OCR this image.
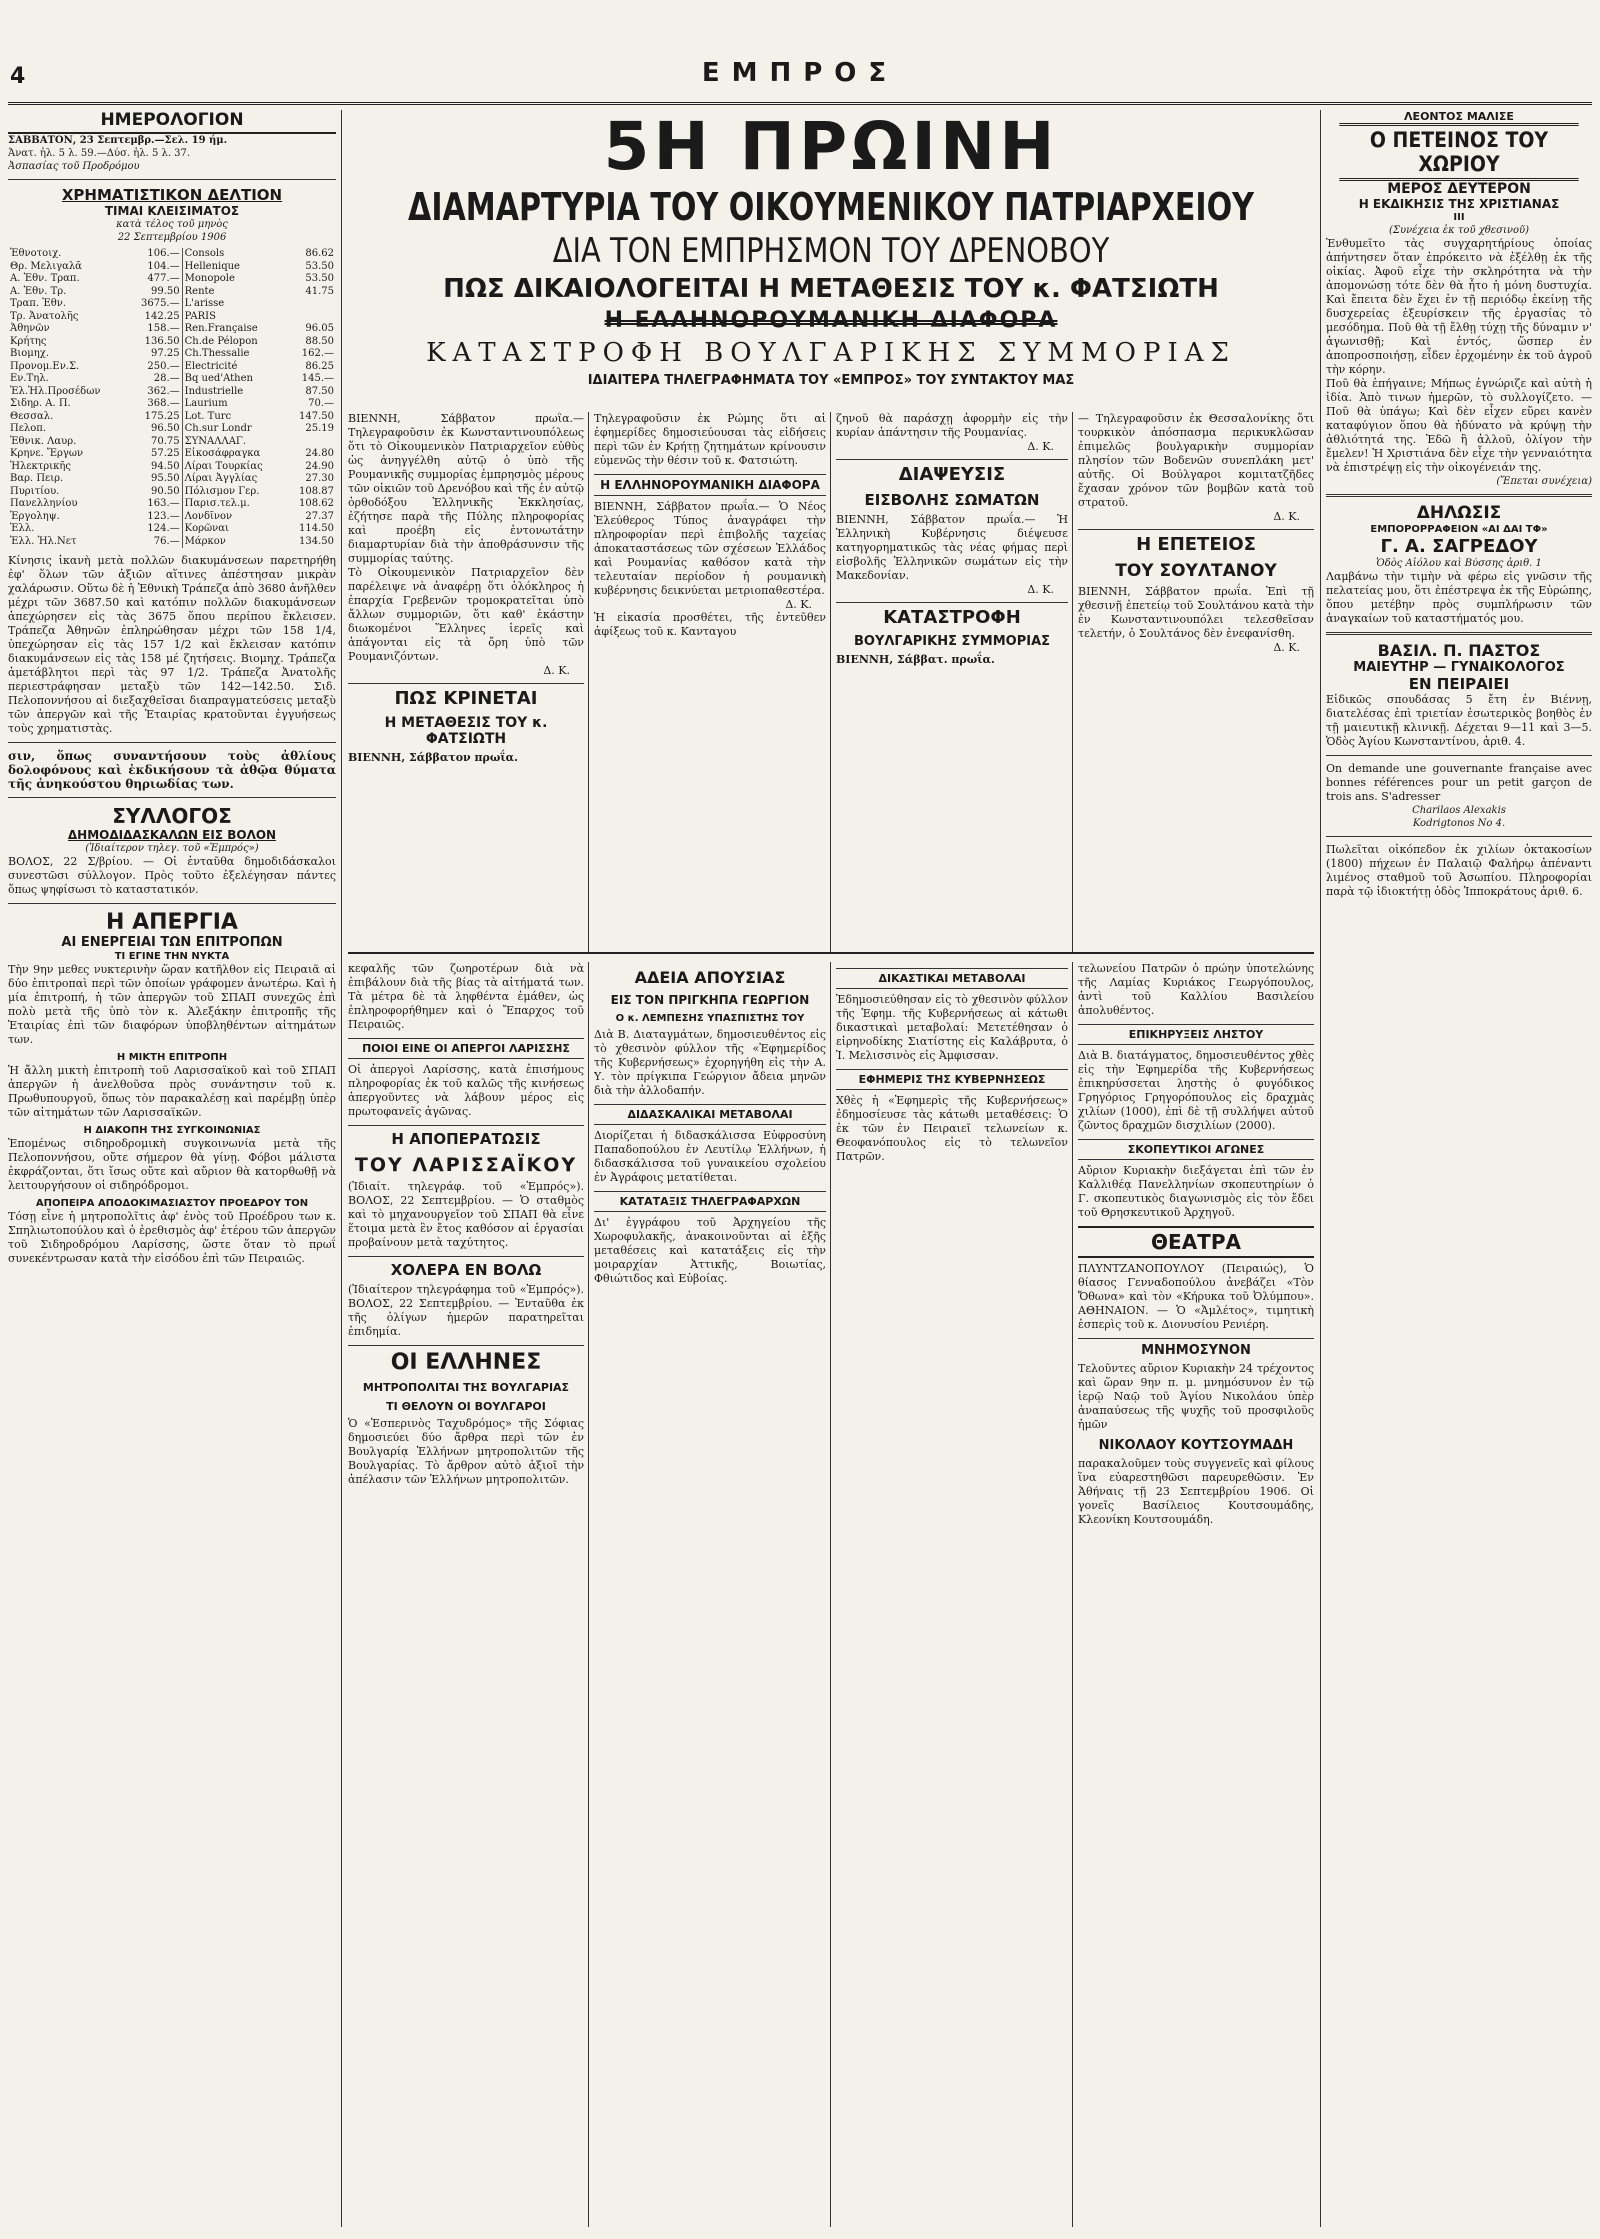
4	ΕΜΠΡΟΣ
ΗΜΕΡΟΛΟΓΙΟΝ
ΣΑΒΒΑΤΟΝ, 23 Σεπτεμβρ.—Σελ. 19 ήμ.
Ἀνατ. ἡλ. 5 λ. 59.—Δύσ. ἡλ. 5 λ. 37.
Ἀσπασίας τοῦ Προδρόμου
ΧΡΗΜΑΤΙΣΤΙΚΟΝ ΔΕΛΤΙΟΝ
ΤΙΜΑΙ ΚΛΕΙΣΙΜΑΤΟΣ
κατὰ τέλος τοῦ μηνὸς
22 Σεπτεμβρίου 1906
Ἐθνοτοιχ.	106.—	Consols	86.62
Θρ. Μελιγαλᾶ	104.—	Hellenique	53.50
Α. Ἐθν. Τραπ.	477.—	Monopole	53.50
Α. Ἐθν. Τρ.	99.50	Rente	41.75
Τραπ. Ἐθν.	3675.—	L'arisse	
Τρ. Ἀνατολῆς	142.25	PARIS	
Ἀθηνῶν	158.—	Ren.Française	96.05
Κρήτης	136.50	Ch.de Pélopon	88.50
Βιομηχ.	97.25	Ch.Thessalie	162.—
Προνομ.Εν.Σ.	250.—	Electricité	86.25
Εν.Τηλ.	28.—	Bq ued'Athen	145.—
Ἐλ.Ἠλ.Προσέδων	362.—	Industrielle	87.50
Σιδηρ. Α. Π.	368.—	Laurium	70.—
Θεσσαλ.	175.25	Lot. Turc	147.50
Πελοπ.	96.50	Ch.sur Londr	25.19
Ἐθνικ. Λαυρ.	70.75	ΣΥΝΑΛΛΑΓ.	
Κρηνε. Ἔργων	57.25	Εἰκοσάφραγκα	24.80
Ἠλεκτρικῆς	94.50	Λίραι Τουρκίας	24.90
Βαρ. Πειρ.	95.50	Λίραι Ἀγγλίας	27.30
Πυριτίου.	90.50	Πόλισμον Γερ.	108.87
Πανελληνίου	163.—	Παρισ.τελ.μ.	108.62
Ἐργοληψ.	123.—	Λονδῖνον	27.37
Ἐλλ.	124.—	Κορῶναι	114.50
Ἐλλ. Ἠλ.Νετ	76.—	Μάρκον	134.50
Κίνησις ἱκανὴ μετὰ πολλῶν διακυμάνσεων παρετηρήθη ἐφ' ὅλων τῶν ἀξιῶν αἵτινες ἀπέστησαν μικρὰν χαλάρωσιν. Οὕτω δὲ ἡ Ἐθνικὴ Τράπεζα ἀπὸ 3680 ἀνῆλθεν μέχρι τῶν 3687.50 καὶ κατόπιν πολλῶν διακυμάνσεων ἀπεχώρησεν εἰς τὰς 3675 ὅπου περίπου ἔκλεισεν. Τράπεζα Ἀθηνῶν ἐπληρώθησαν μέχρι τῶν 158 1/4, ὑπεχώρησαν εἰς τὰς 157 1/2 καὶ ἔκλεισαν κατόπιν διακυμάνσεων εἰς τὰς 158 μέ ζητήσεις. Βιομηχ. Τράπεζα ἀμετάβλητοι περὶ τὰς 97 1/2. Τράπεζα Ἀνατολῆς περιεστράφησαν μεταξὺ τῶν 142—142.50. Σιδ. Πελοποννήσου αἱ διεξαχθεῖσαι διαπραγματεύσεις μεταξὺ τῶν ἀπεργῶν καὶ τῆς Ἑταιρίας κρατοῦνται ἐγγυήσεως τοὺς χρηματιστὰς.
σιν, ὅπως συναντήσουν τοὺς ἀθλίους δολοφόνους καὶ ἐκδικήσουν τὰ ἀθῷα θύματα τῆς ἀνηκούστου θηριωδίας των.
ΣΥΛΛΟΓΟΣ
ΔΗΜΟΔΙΔΑΣΚΑΛΩΝ ΕΙΣ ΒΟΛΟΝ
(Ἰδιαίτερον τηλεγ. τοῦ «Ἐμπρός»)
ΒΟΛΟΣ, 22 Σ/βρίου. — Οἱ ἐνταῦθα δημοδιδάσκαλοι συνεστῶσι σύλλογον. Πρὸς τοῦτο ἐξελέγησαν πάντες ὅπως ψηφίσωσι τὸ καταστατικόν.
Η ΑΠΕΡΓΙΑ
ΑΙ ΕΝΕΡΓΕΙΑΙ ΤΩΝ ΕΠΙΤΡΟΠΩΝ
ΤΙ ΕΓΙΝΕ ΤΗΝ ΝΥΚΤΑ
Τὴν 9ην μεθες νυκτερινὴν ὥραν κατῆλθον εἰς Πειραιᾶ αἱ δύο ἐπιτροπαὶ περὶ τῶν ὁποίων γράφομεν ἀνωτέρω. Καὶ ἡ μία ἐπιτροπή, ἡ τῶν ἀπεργῶν τοῦ ΣΠΑΠ συνεχῶς ἐπὶ πολὺ μετὰ τῆς ὑπὸ τὸν κ. Ἀλεξάκην ἐπιτροπῆς τῆς Ἑταιρίας ἐπὶ τῶν διαφόρων ὑποβληθέντων αἰτημάτων των.
Η ΜΙΚΤΗ ΕΠΙΤΡΟΠΗ
Ἡ ἄλλη μικτὴ ἐπιτροπὴ τοῦ Λαρισσαϊκοῦ καὶ τοῦ ΣΠΑΠ ἀπεργῶν ἡ ἀνελθοῦσα πρὸς συνάντησιν τοῦ κ. Πρωθυπουργοῦ, ὅπως τὸν παρακαλέσῃ καὶ παρέμβῃ ὑπὲρ τῶν αἰτημάτων τῶν Λαρισσαϊκῶν.
Η ΔΙΑΚΟΠΗ ΤΗΣ ΣΥΓΚΟΙΝΩΝΙΑΣ
Ἐπομένως σιδηροδρομικὴ συγκοινωνία μετὰ τῆς Πελοποννήσου, οὔτε σήμερον θὰ γίνῃ. Φόβοι μάλιστα ἐκφράζονται, ὅτι ἴσως οὔτε καὶ αὔριον θὰ κατορθωθῇ νὰ λειτουργήσουν οἱ σιδηρόδρομοι.
ΑΠΟΠΕΙΡΑ ΑΠΟΔΟΚΙΜΑΣΙΑΣΤΟΥ ΠΡΟΕΔΡΟΥ ΤΟΝ
Τόσῃ εἶνε ἡ μητροπολῖτις ἀφ' ἑνὸς τοῦ Προέδρου των κ. Σπηλιωτοπούλου καὶ ὁ ἐρεθισμὸς ἀφ' ἑτέρου τῶν ἀπεργῶν τοῦ Σιδηροδρόμου Λαρίσσης, ὥστε ὅταν τὸ πρωΐ συνεκέντρωσαν κατὰ τὴν εἰσόδου ἐπὶ τῶν Πειραιῶς.
5Η ΠΡΩΙΝΗ
ΔΙΑΜΑΡΤΥΡΙΑ ΤΟΥ ΟΙΚΟΥΜΕΝΙΚΟΥ ΠΑΤΡΙΑΡΧΕΙΟΥ
ΔΙΑ ΤΟΝ ΕΜΠΡΗΣΜΟΝ ΤΟΥ ΔΡΕΝΟΒΟΥ
ΠΩΣ ΔΙΚΑΙΟΛΟΓΕΙΤΑΙ Η ΜΕΤΑΘΕΣΙΣ ΤΟΥ κ. ΦΑΤΣΙΩΤΗ
Η ΕΛΛΗΝΟΡΟΥΜΑΝΙΚΗ ΔΙΑΦΟΡΑ
ΚΑΤΑΣΤΡΟΦΗ ΒΟΥΛΓΑΡΙΚΗΣ ΣΥΜΜΟΡΙΑΣ
ΙΔΙΑΙΤΕΡΑ ΤΗΛΕΓΡΑΦΗΜΑΤΑ ΤΟΥ «ΕΜΠΡΟΣ» ΤΟΥ ΣΥΝΤΑΚΤΟΥ ΜΑΣ
ΒΙΕΝΝΗ, Σάββατον πρωΐα.— Τηλεγραφοῦσιν ἐκ Κωνσταντινουπόλεως ὅτι τὸ Οἰκουμενικὸν Πατριαρχεῖον εὐθὺς ὡς ἀνηγγέλθη αὐτῷ ὁ ὑπὸ τῆς Ρουμανικῆς συμμορίας ἐμπρησμὸς μέρους τῶν οἰκιῶν τοῦ Δρενόβου καὶ τῆς ἐν αὐτῷ ὀρθοδόξου Ἑλληνικῆς Ἐκκλησίας, ἐζήτησε παρὰ τῆς Πύλης πληροφορίας καὶ προέβη εἰς ἐντονωτάτην διαμαρτυρίαν διὰ τὴν ἀποθράσυνσιν τῆς συμμορίας ταύτης.
Τὸ Οἰκουμενικὸν Πατριαρχεῖον δὲν παρέλειψε νὰ ἀναφέρῃ ὅτι ὁλόκληρος ἡ ἐπαρχία Γρεβενῶν τρομοκρατεῖται ὑπὸ ἄλλων συμμοριῶν, ὅτι καθ' ἑκάστην διωκομένοι Ἕλληνες ἱερεῖς καὶ ἀπάγονται εἰς τὰ ὄρη ὑπὸ τῶν Ρουμανιζόντων.
Δ. Κ.
ΠΩΣ ΚΡΙΝΕΤΑΙ
Η ΜΕΤΑΘΕΣΙΣ ΤΟΥ κ. ΦΑΤΣΙΩΤΗ
ΒΙΕΝΝΗ, Σάββατον πρωΐα.
Τηλεγραφοῦσιν ἐκ Ρώμης ὅτι αἱ ἐφημερίδες δημοσιεύουσαι τὰς εἰδήσεις περὶ τῶν ἐν Κρήτῃ ζητημάτων κρίνουσιν εὐμενῶς τὴν θέσιν τοῦ κ. Φατσιώτη.
Η ΕΛΛΗΝΟΡΟΥΜΑΝΙΚΗ ΔΙΑΦΟΡΑ
ΒΙΕΝΝΗ, Σάββατον πρωΐα.— Ὁ Νέος Ἐλεύθερος Τύπος ἀναγράφει τὴν πληροφορίαν περὶ ἐπιβολῆς ταχείας ἀποκαταστάσεως τῶν σχέσεων Ἑλλάδος καὶ Ρουμανίας καθόσον κατὰ τὴν τελευταίαν περίοδον ἡ ρουμανικὴ κυβέρνησις δεικνύεται μετριοπαθεστέρα.
Δ. Κ.
Ἡ εἰκασία προσθέτει, τῆς ἐντεῦθεν ἀφίξεως τοῦ κ. Κανταγου
ζηνοῦ θὰ παράσχῃ ἀφορμὴν εἰς τὴν κυρίαν ἀπάντησιν τῆς Ρουμανίας.
Δ. Κ.
ΔΙΑΨΕΥΣΙΣ
ΕΙΣΒΟΛΗΣ ΣΩΜΑΤΩΝ
ΒΙΕΝΝΗ, Σάββατον πρωΐα.— Ἡ Ἑλληνικὴ Κυβέρνησις διέψευσε κατηγορηματικῶς τὰς νέας φήμας περὶ εἰσβολῆς Ἑλληνικῶν σωμάτων εἰς τὴν Μακεδονίαν.
Δ. Κ.
ΚΑΤΑΣΤΡΟΦΗ
ΒΟΥΛΓΑΡΙΚΗΣ ΣΥΜΜΟΡΙΑΣ
ΒΙΕΝΝΗ, Σάββατ. πρωΐα.
— Τηλεγραφοῦσιν ἐκ Θεσσαλονίκης ὅτι τουρκικὸν ἀπόσπασμα περικυκλῶσαν ἐπιμελῶς βουλγαρικὴν συμμορίαν πλησίον τῶν Βοδενῶν συνεπλάκη μετ' αὐτῆς. Οἱ Βούλγαροι κομιτατζῆδες ἔχασαν χρόνον τῶν βομβῶν κατὰ τοῦ στρατοῦ.
Δ. Κ.
Η ΕΠΕΤΕΙΟΣ
ΤΟΥ ΣΟΥΛΤΑΝΟΥ
ΒΙΕΝΝΗ, Σάββατον πρωΐα. Ἐπὶ τῇ χθεσινῇ ἐπετείῳ τοῦ Σουλτάνου κατὰ τὴν ἐν Κωνσταντινουπόλει τελεσθεῖσαν τελετήν, ὁ Σουλτάνος δὲν ἐνεφανίσθη.
Δ. Κ.
κεφαλῆς τῶν ζωηροτέρων διὰ νὰ ἐπιβάλουν διὰ τῆς βίας τὰ αἰτήματά των. Τὰ μέτρα δὲ τὰ ληφθέντα ἐμάθεν, ὡς ἐπληροφορήθημεν καὶ ὁ Ἔπαρχος τοῦ Πειραιῶς.
ΠΟΙΟΙ ΕΙΝΕ ΟΙ ΑΠΕΡΓΟΙ ΛΑΡΙΣΣΗΣ
Οἱ ἀπεργοὶ Λαρίσσης, κατὰ ἐπισήμους πληροφορίας ἐκ τοῦ καλῶς τῆς κινήσεως ἀπεργοῦντες νὰ λάβουν μέρος εἰς πρωτοφανεῖς ἀγῶνας.
Η ΑΠΟΠΕΡΑΤΩΣΙΣ
ΤΟΥ ΛΑΡΙΣΣΑΪΚΟΥ
(Ἰδιαίτ. τηλεγράφ. τοῦ «Ἐμπρός»). ΒΟΛΟΣ, 22 Σεπτεμβρίου. — Ὁ σταθμὸς καὶ τὸ μηχανουργεῖον τοῦ ΣΠΑΠ θὰ εἶνε ἕτοιμα μετὰ ἓν ἔτος καθόσον αἱ ἐργασίαι προβαίνουν μετὰ ταχύτητος.
ΧΟΛΕΡΑ ΕΝ ΒΟΛΩ
(Ἰδιαίτερον τηλεγράφημα τοῦ «Ἐμπρός»). ΒΟΛΟΣ, 22 Σεπτεμβρίου. — Ἐνταῦθα ἐκ τῆς ὀλίγων ἡμερῶν παρατηρεῖται ἐπιδημία.
ΟΙ ΕΛΛΗΝΕΣ
ΜΗΤΡΟΠΟΛΙΤΑΙ ΤΗΣ ΒΟΥΛΓΑΡΙΑΣ
ΤΙ ΘΕΛΟΥΝ ΟΙ ΒΟΥΛΓΑΡΟΙ
Ὁ «Ἑσπερινὸς Ταχυδρόμος» τῆς Σόφιας δημοσιεύει δύο ἄρθρα περὶ τῶν ἐν Βουλγαρίᾳ Ἑλλήνων μητροπολιτῶν τῆς Βουλγαρίας. Τὸ ἄρθρον αὐτὸ ἀξιοῖ τὴν ἀπέλασιν τῶν Ἑλλήνων μητροπολιτῶν.
ΑΔΕΙΑ ΑΠΟΥΣΙΑΣ
ΕΙΣ ΤΟΝ ΠΡΙΓΚΗΠΑ ΓΕΩΡΓΙΟΝ
Ο κ. ΛΕΜΠΕΣΗΣ ΥΠΑΣΠΙΣΤΗΣ ΤΟΥ
Διὰ Β. Διαταγμάτων, δημοσιευθέντος εἰς τὸ χθεσινὸν φύλλον τῆς «Ἐφημερίδος τῆς Κυβερνήσεως» ἐχορηγήθη εἰς τὴν Α. Υ. τὸν πρίγκιπα Γεώργιον ἄδεια μηνῶν διὰ τὴν ἀλλοδαπήν.
ΔΙΔΑΣΚΑΛΙΚΑΙ ΜΕΤΑΒΟΛΑΙ
Διορίζεται ἡ διδασκάλισσα Εὐφροσύνη Παπαδοπούλου ἐν Λευτίλῳ Ἑλλήνων, ἡ διδασκάλισσα τοῦ γυναικείου σχολείου ἐν Ἀγράφοις μετατίθεται.
ΚΑΤΑΤΑΞΙΣ ΤΗΛΕΓΡΑΦΑΡΧΩΝ
Δι' ἐγγράφου τοῦ Ἀρχηγείου τῆς Χωροφυλακῆς, ἀνακοινοῦνται αἱ ἑξῆς μεταθέσεις καὶ κατατάξεις εἰς τὴν μοιραρχίαν Ἀττικῆς, Βοιωτίας, Φθιώτιδος καὶ Εὐβοίας.
ΔΙΚΑΣΤΙΚΑΙ ΜΕΤΑΒΟΛΑΙ
Ἐδημοσιεύθησαν εἰς τὸ χθεσινὸν φύλλον τῆς Ἐφημ. τῆς Κυβερνήσεως αἱ κάτωθι δικαστικαὶ μεταβολαί: Μετετέθησαν ὁ εἰρηνοδίκης Σιατίστης εἰς Καλάβρυτα, ὁ Ἰ. Μελισσινὸς εἰς Ἀμφισσαν.
ΕΦΗΜΕΡΙΣ ΤΗΣ ΚΥΒΕΡΝΗΣΕΩΣ
Χθὲς ἡ «Ἐφημερὶς τῆς Κυβερνήσεως» ἐδημοσίευσε τὰς κάτωθι μεταθέσεις: Ὁ ἐκ τῶν ἐν Πειραιεῖ τελωνείων κ. Θεοφανόπουλος εἰς τὸ τελωνεῖον Πατρῶν.
τελωνείου Πατρῶν ὁ πρώην ὑποτελώνης τῆς Λαμίας Κυριάκος Γεωργόπουλος, ἀντὶ τοῦ Καλλίου Βασιλείου ἀπολυθέντος.
ΕΠΙΚΗΡΥΞΕΙΣ ΛΗΣΤΟΥ
Διὰ Β. διατάγματος, δημοσιευθέντος χθὲς εἰς τὴν Ἐφημερίδα τῆς Κυβερνήσεως ἐπικηρύσσεται ληστὴς ὁ φυγόδικος Γρηγόριος Γρηγορόπουλος εἰς δραχμὰς χιλίων (1000), ἐπὶ δὲ τῇ συλλήψει αὐτοῦ ζῶντος δραχμῶν δισχιλίων (2000).
ΣΚΟΠΕΥΤΙΚΟΙ ΑΓΩΝΕΣ
Αὔριον Κυριακὴν διεξάγεται ἐπὶ τῶν ἐν Καλλιθέᾳ Πανελληνίων σκοπευτηρίων ὁ Γ. σκοπευτικὸς διαγωνισμὸς εἰς τὸν ἔδει τοῦ Θρησκευτικοῦ Ἀρχηγοῦ.
ΘΕΑΤΡΑ
ΠΛΥΝΤΖΑΝΟΠΟΥΛΟΥ (Πειραιώς), Ὁ θίασος Γενναδοπούλου ἀνεβάζει «Τὸν Ὄθωνα» καὶ τὸν «Κήρυκα τοῦ Ὀλύμπου». ΑΘΗΝΑΙΟΝ. — Ὁ «Ἀμλέτος», τιμητικὴ ἑσπερὶς τοῦ κ. Διονυσίου Ρενιέρη.
ΜΝΗΜΟΣΥΝΟΝ
Τελοῦντες αὔριον Κυριακὴν 24 τρέχοντος καὶ ὥραν 9ην π. μ. μνημόσυνον ἐν τῷ ἱερῷ Ναῷ τοῦ Ἁγίου Νικολάου ὑπὲρ ἀναπαύσεως τῆς ψυχῆς τοῦ προσφιλοῦς ἡμῶν
ΝΙΚΟΛΑΟΥ ΚΟΥΤΣΟΥΜΑΔΗ
παρακαλοῦμεν τοὺς συγγενεῖς καὶ φίλους ἵνα εὐαρεστηθῶσι παρευρεθῶσιν. Ἐν Ἀθήναις τῇ 23 Σεπτεμβρίου 1906. Οἱ γονεῖς Βασίλειος Κουτσουμάδης, Κλεονίκη Κουτσουμάδη.
ΛΕΟΝΤΟΣ ΜΑΛΙΣΕ
Ο ΠΕΤΕΙΝΟΣ ΤΟΥ ΧΩΡΙΟΥ
ΜΕΡΟΣ ΔΕΥΤΕΡΟΝ
Η ΕΚΔΙΚΗΣΙΣ ΤΗΣ ΧΡΙΣΤΙΑΝΑΣ
ΙΙΙ
(Συνέχεια ἐκ τοῦ χθεσινοῦ)
Ἐνθυμεῖτο τὰς συγχαρητήρίους ὁποίας ἀπήντησεν ὅταν ἐπρόκειτο νὰ ἐξέλθῃ ἐκ τῆς οἰκίας. Ἀφοῦ εἶχε τὴν σκληρότητα νὰ τὴν ἀπομονώσῃ τότε δὲν θὰ ἦτο ἡ μόνη δυστυχία. Καὶ ἔπειτα δὲν ἔχει ἐν τῇ περιόδῳ ἐκείνῃ τῆς δυσχερείας ἐξευρίσκειν τῆς ἐργασίας τὸ μεσόδημα. Ποῦ θὰ τῇ ἔλθῃ τύχῃ τῆς δύναμιν ν' ἀγωνισθῇ; Καὶ ἐντός, ὥσπερ ἐν ἀποπροσποιήσῃ, εἶδεν ἐρχομένην ἐκ τοῦ ἀγροῦ τὴν κόρην.
Ποῦ θὰ ἐπήγαινε; Μήπως ἐγνώριζε καὶ αὐτὴ ἡ ἰδία. Ἀπὸ τινων ἡμερῶν, τὸ συλλογίζετο. — Ποῦ θὰ ὑπάγω; Καὶ δὲν εἶχεν εὕρει κανὲν καταφύγιον ὅπου θὰ ἠδύνατο νὰ κρύψῃ τὴν ἀθλιότητά της. Ἐδῶ ἢ ἀλλοῦ, ὀλίγον τὴν ἔμελεν! Ἡ Χριστιάνα δὲν εἶχε τὴν γενναιότητα νὰ ἐπιστρέψῃ εἰς τὴν οἰκογένειάν της.
(Ἔπεται συνέχεια)
ΔΗΛΩΣΙΣ
ΕΜΠΟΡΟΡΡΑΦΕΙΟΝ «ΑΙ ΔΑΙ ΤΦ»
Γ. Α. ΣΑΓΡΕΔΟΥ
Ὁδὸς Αἰόλου καὶ Βύσσης ἀριθ. 1
Λαμβάνω τὴν τιμὴν νὰ φέρω εἰς γνῶσιν τῆς πελατείας μου, ὅτι ἐπέστρεψα ἐκ τῆς Εὐρώπης, ὅπου μετέβην πρὸς συμπλήρωσιν τῶν ἀναγκαίων τοῦ καταστήματός μου.
ΒΑΣΙΛ. Π. ΠΑΣΤΟΣ
ΜΑΙΕΥΤΗΡ — ΓΥΝΑΙΚΟΛΟΓΟΣ
ΕΝ ΠΕΙΡΑΙΕΙ
Εἰδικῶς σπουδάσας 5 ἔτη ἐν Βιέννῃ, διατελέσας ἐπὶ τριετίαν ἐσωτερικὸς βοηθὸς ἐν τῇ μαιευτικῇ κλινικῇ. Δέχεται 9—11 καὶ 3—5. Ὁδὸς Ἁγίου Κωνσταντίνου, ἀριθ. 4.
On demande une gouvernante française avec bonnes références pour un petit garçon de trois ans. S'adresser
Charilaos Alexakis
Kodrigtonos No 4.
Πωλεῖται οἰκόπεδον ἐκ χιλίων ὀκτακοσίων (1800) πήχεων ἐν Παλαιῷ Φαλήρῳ ἀπέναντι λιμένος σταθμοῦ τοῦ Ἀσωπίου. Πληροφορίαι παρὰ τῷ ἰδιοκτήτῃ ὁδὸς Ἱπποκράτους ἀριθ. 6.
